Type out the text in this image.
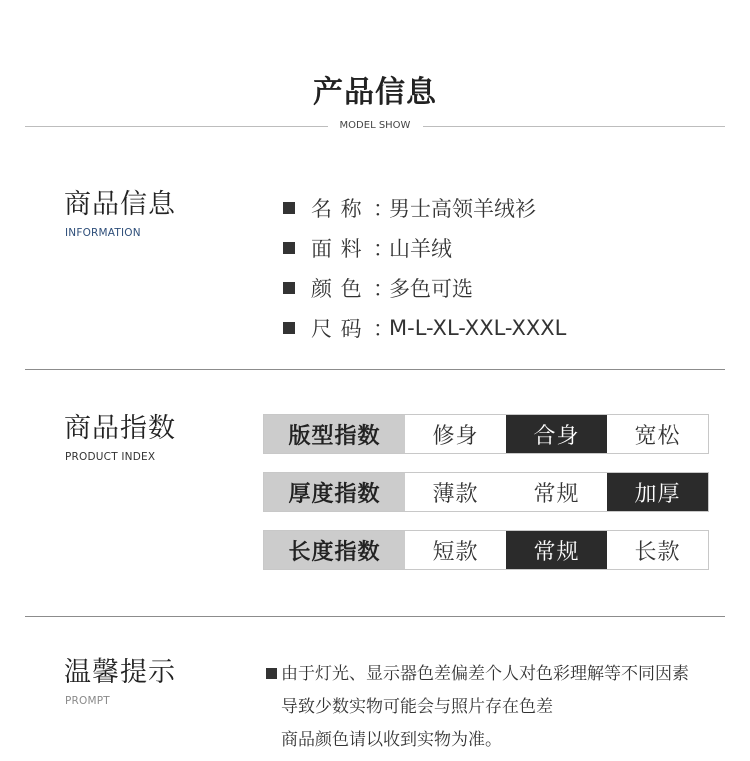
产品信息
MODEL SHOW
商品信息
INFORMATION
名 称 ：
男士高领羊绒衫
面 料 ：
山羊绒
颜 色 ：
多色可选
尺 码 ：
M-L-XL-XXL-XXXL
商品指数
PRODUCT INDEX
版型指数	修身	合身	宽松
厚度指数	薄款	常规	加厚
长度指数	短款	常规	长款
温馨提示
PROMPT
由于灯光、显示器色差偏差个人对色彩理解等不同因素
导致少数实物可能会与照片存在色差
商品颜色请以收到实物为准。
